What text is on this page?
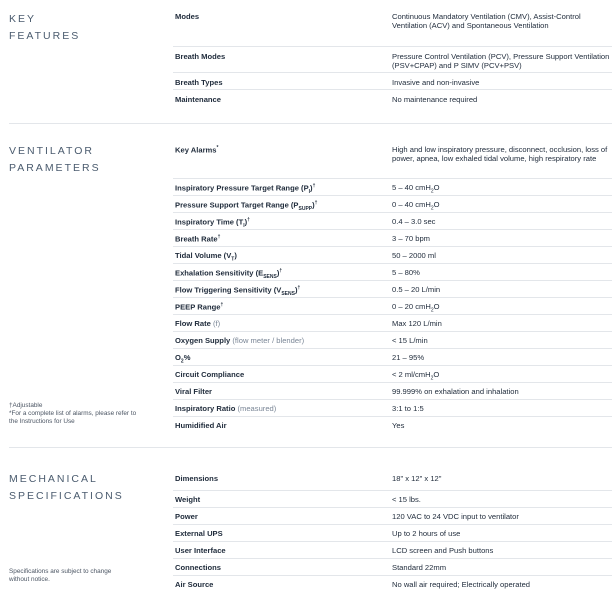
KEY
FEATURES
Modes	Continuous Mandatory Ventilation (CMV), Assist-Control Ventilation (ACV) and Spontaneous Ventilation
Breath Modes	Pressure Control Ventilation (PCV), Pressure Support Ventilation (PSV+CPAP) and P SIMV (PCV+PSV)
Breath Types	Invasive and non-invasive
Maintenance	No maintenance required
VENTILATOR
PARAMETERS
†Adjustable
*For a complete list of alarms, please refer to the Instructions for Use
Key Alarms*	High and low inspiratory pressure, disconnect, occlusion, loss of power, apnea, low exhaled tidal volume, high respiratory rate
Inspiratory Pressure Target Range $(P_I)^\dagger$	5 – 40 cmH$_2$O
Pressure Support Target Range $(P_{SUPP})^\dagger$	0 – 40 cmH$_2$O
Inspiratory Time $(T_I)^\dagger$	0.4 – 3.0 sec
Breath Rate†	3 – 70 bpm
Tidal Volume $(V_T)$	50 – 2000 ml
Exhalation Sensitivity $(E_{SENS})^\dagger$	5 – 80%
Flow Triggering Sensitivity $(V_{SENS})^\dagger$	0.5 – 20 L/min
PEEP Range†	0 – 20 cmH$_2$O
Flow Rate (f)	Max 120 L/min
Oxygen Supply (flow meter / blender)	< 15 L/min
$O_2\%$	21 – 95%
Circuit Compliance	< 2 ml/cmH$_2$O
Viral Filter	99.999% on exhalation and inhalation
Inspiratory Ratio (measured)	3:1 to 1:5
Humidified Air	Yes
MECHANICAL
SPECIFICATIONS
Specifications are subject to change without notice.
Dimensions	18" x 12" x 12"
Weight	< 15 lbs.
Power	120 VAC to 24 VDC input to ventilator
External UPS	Up to 2 hours of use
User Interface	LCD screen and Push buttons
Connections	Standard 22mm
Air Source	No wall air required; Electrically operated
